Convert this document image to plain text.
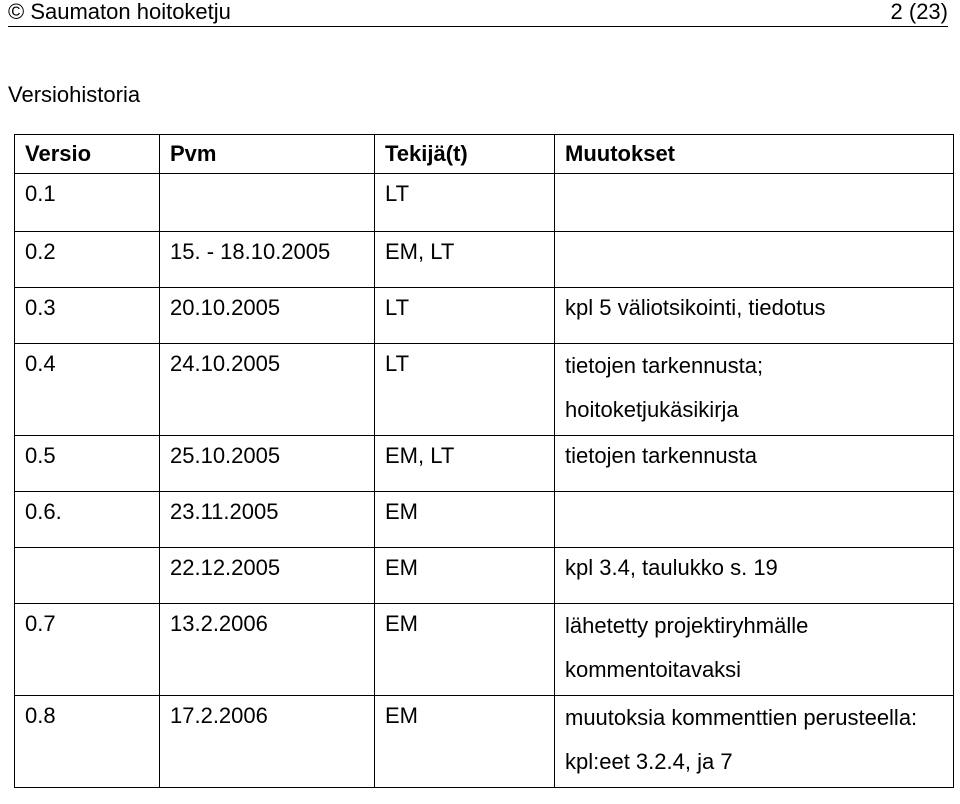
© Saumaton hoitoketju	2 (23)
Versiohistoria
Versio	Pvm	Tekijä(t)	Muutokset
0.1		LT	
0.2	15. - 18.10.2005	EM, LT	
0.3	20.10.2005	LT	kpl 5 väliotsikointi, tiedotus
0.4	24.10.2005	LT	tietojen tarkennusta; hoitoketjukäsikirja
0.5	25.10.2005	EM, LT	tietojen tarkennusta
0.6.	23.11.2005	EM	
	22.12.2005	EM	kpl 3.4, taulukko s. 19
0.7	13.2.2006	EM	lähetetty projektiryhmälle kommentoitavaksi
0.8	17.2.2006	EM	muutoksia kommenttien perusteella: kpl:eet 3.2.4, ja 7
